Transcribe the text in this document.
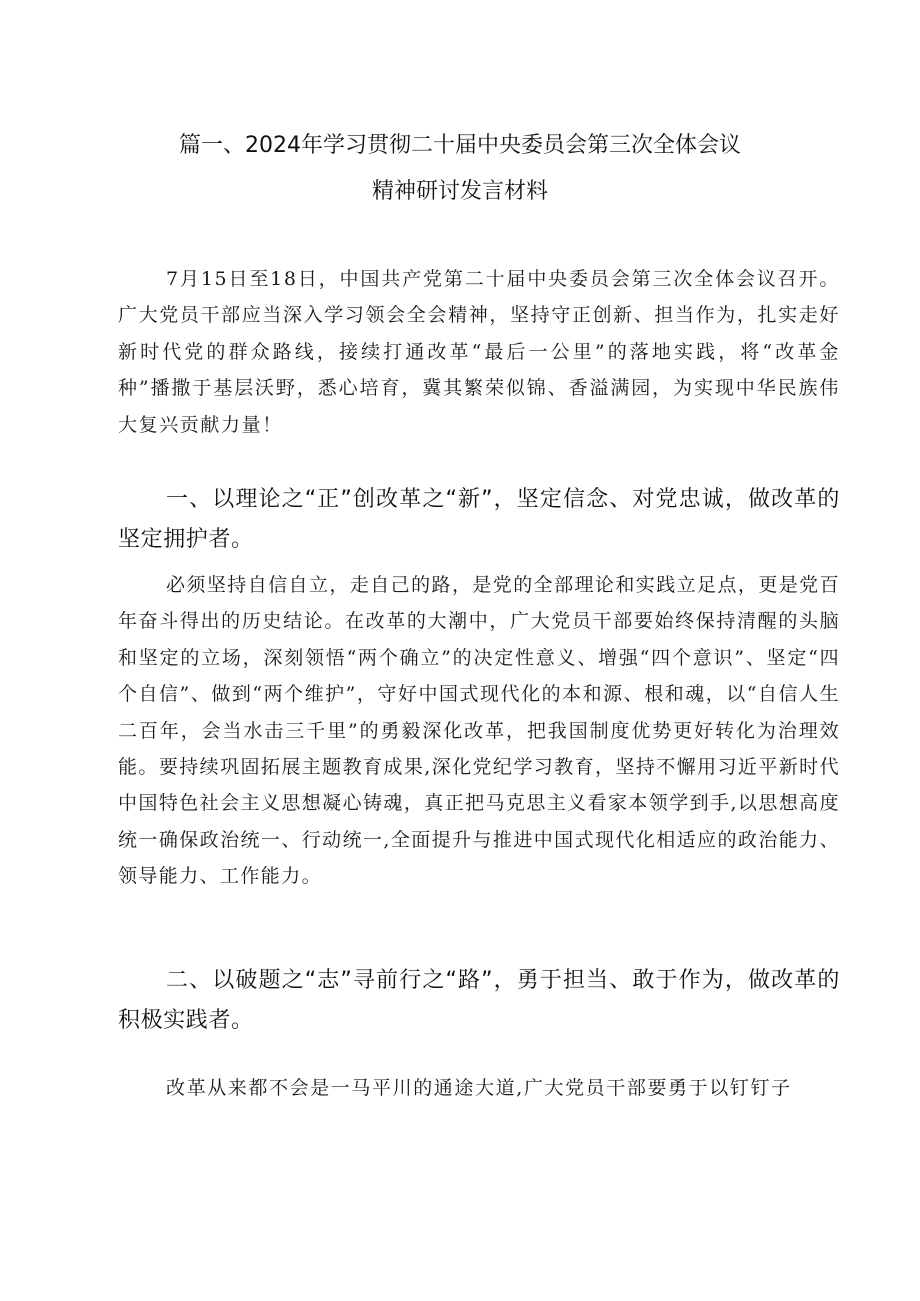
篇一、2024年学习贯彻二十届中央委员会第三次全体会议
精神研讨发言材料

7月15日至18日，中国共产党第二十届中央委员会第三次全体会议召开。广大党员干部应当深入学习领会全会精神，坚持守正创新、担当作为，扎实走好新时代党的群众路线，接续打通改革“最后一公里”的落地实践，将“改革金种”播撒于基层沃野，悉心培育，冀其繁荣似锦、香溢满园，为实现中华民族伟大复兴贡献力量！

一、以理论之“正”创改革之“新”，坚定信念、对党忠诚，做改革的坚定拥护者。

必须坚持自信自立，走自己的路，是党的全部理论和实践立足点，更是党百年奋斗得出的历史结论。在改革的大潮中，广大党员干部要始终保持清醒的头脑和坚定的立场，深刻领悟“两个确立”的决定性意义、增强“四个意识”、坚定“四个自信”、做到“两个维护”，守好中国式现代化的本和源、根和魂，以“自信人生二百年，会当水击三千里”的勇毅深化改革，把我国制度优势更好转化为治理效能。要持续巩固拓展主题教育成果,深化党纪学习教育，坚持不懈用习近平新时代中国特色社会主义思想凝心铸魂，真正把马克思主义看家本领学到手,以思想高度统一确保政治统一、行动统一,全面提升与推进中国式现代化相适应的政治能力、领导能力、工作能力。

二、以破题之“志”寻前行之“路”，勇于担当、敢于作为，做改革的积极实践者。

改革从来都不会是一马平川的通途大道,广大党员干部要勇于以钉钉子
